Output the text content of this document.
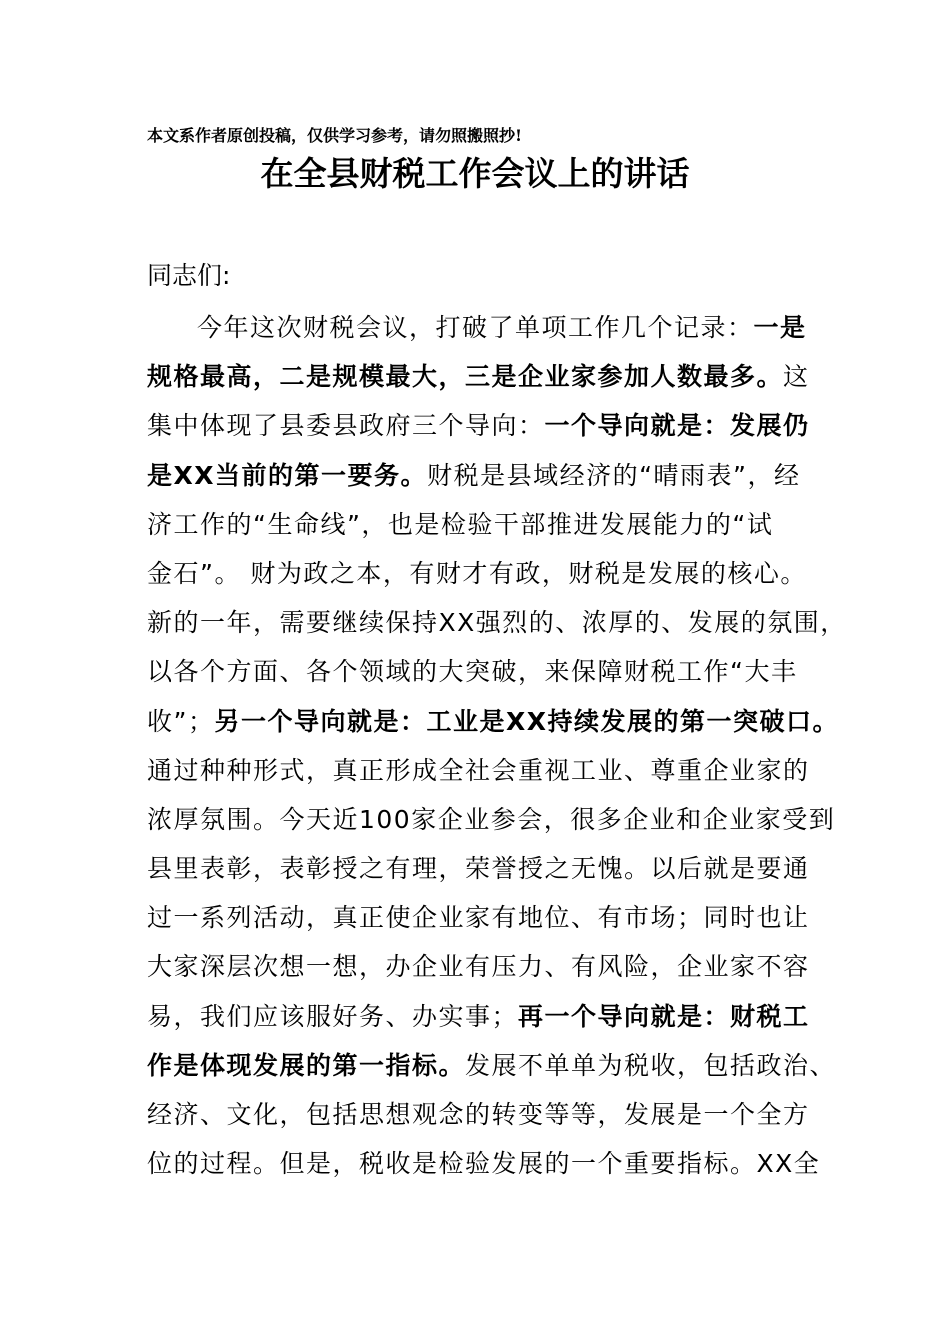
本文系作者原创投稿，仅供学习参考，请勿照搬照抄!
在全县财税工作会议上的讲话
同志们:
今年这次财税会议，打破了单项工作几个记录：一是
规格最高，二是规模最大，三是企业家参加人数最多。这
集中体现了县委县政府三个导向：一个导向就是：发展仍
是XX当前的第一要务。财税是县域经济的“晴雨表”，经
济工作的“生命线”，也是检验干部推进发展能力的“试
金石”。 财为政之本，有财才有政，财税是发展的核心。
新的一年，需要继续保持XX强烈的、浓厚的、发展的氛围，
以各个方面、各个领域的大突破，来保障财税工作“大丰
收”；另一个导向就是：工业是XX持续发展的第一突破口。
通过种种形式，真正形成全社会重视工业、尊重企业家的
浓厚氛围。今天近100家企业参会，很多企业和企业家受到
县里表彰，表彰授之有理，荣誉授之无愧。以后就是要通
过一系列活动，真正使企业家有地位、有市场；同时也让
大家深层次想一想，办企业有压力、有风险，企业家不容
易，我们应该服好务、办实事；再一个导向就是：财税工
作是体现发展的第一指标。发展不单单为税收，包括政治、
经济、文化，包括思想观念的转变等等，发展是一个全方
位的过程。但是，税收是检验发展的一个重要指标。XX全
